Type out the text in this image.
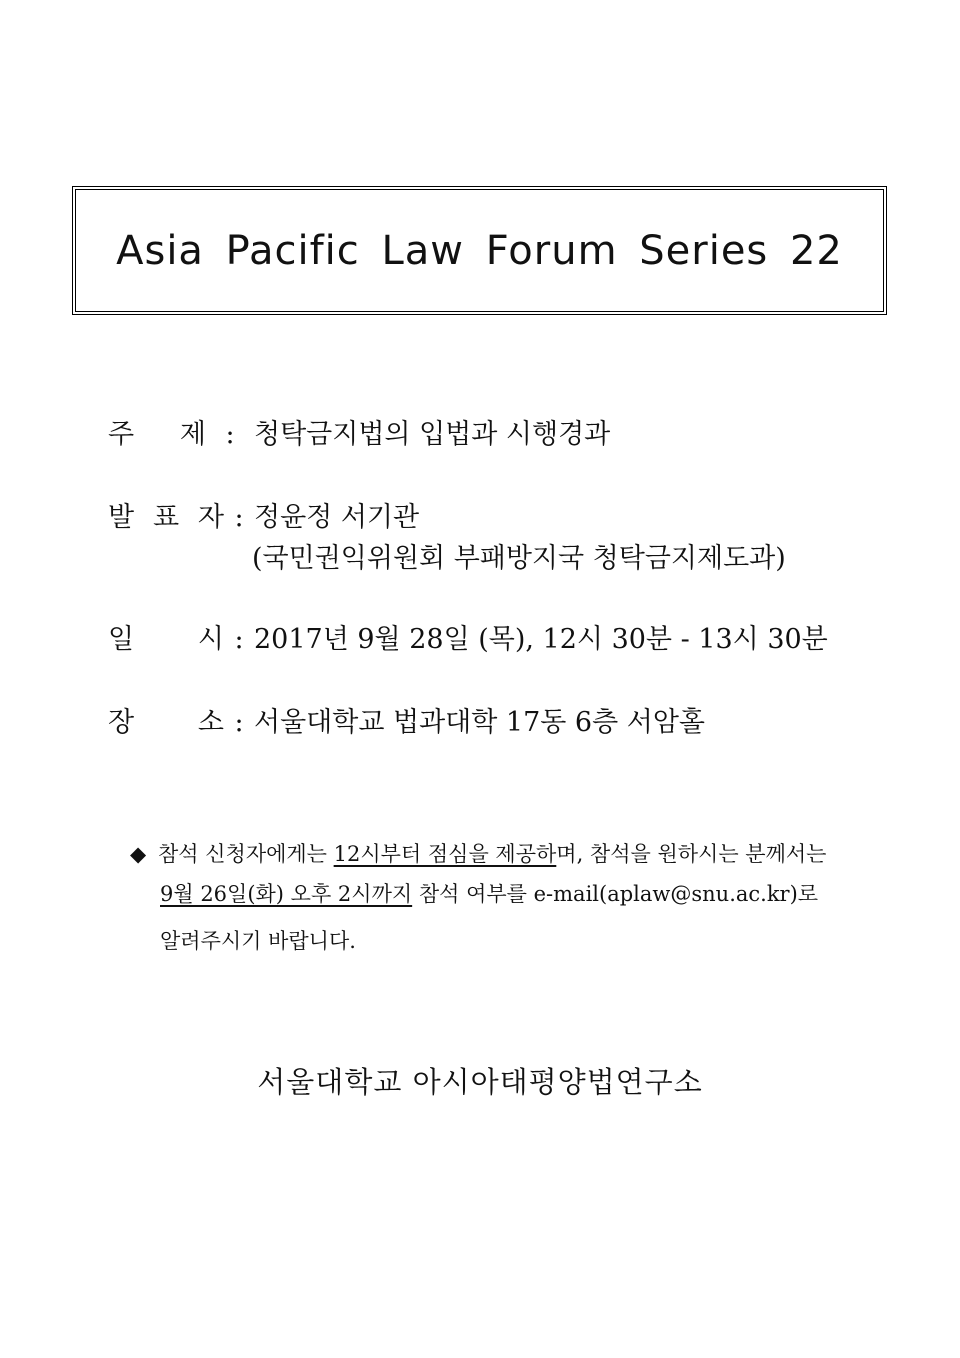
Asia Pacific Law Forum Series 22
주 제 : 청탁금지법의 입법과 시행경과
발 표 자 : 정윤정 서기관
(국민권익위원회 부패방지국 청탁금지제도과)
일 시 : 2017년 9월 28일 (목), 12시 30분 - 13시 30분
장 소 : 서울대학교 법과대학 17동 6층 서암홀
◆ 참석 신청자에게는 12시부터 점심을 제공하며, 참석을 원하시는 분께서는
9월 26일(화) 오후 2시까지 참석 여부를 e-mail(aplaw@snu.ac.kr)로
알려주시기 바랍니다.
서울대학교 아시아태평양법연구소
